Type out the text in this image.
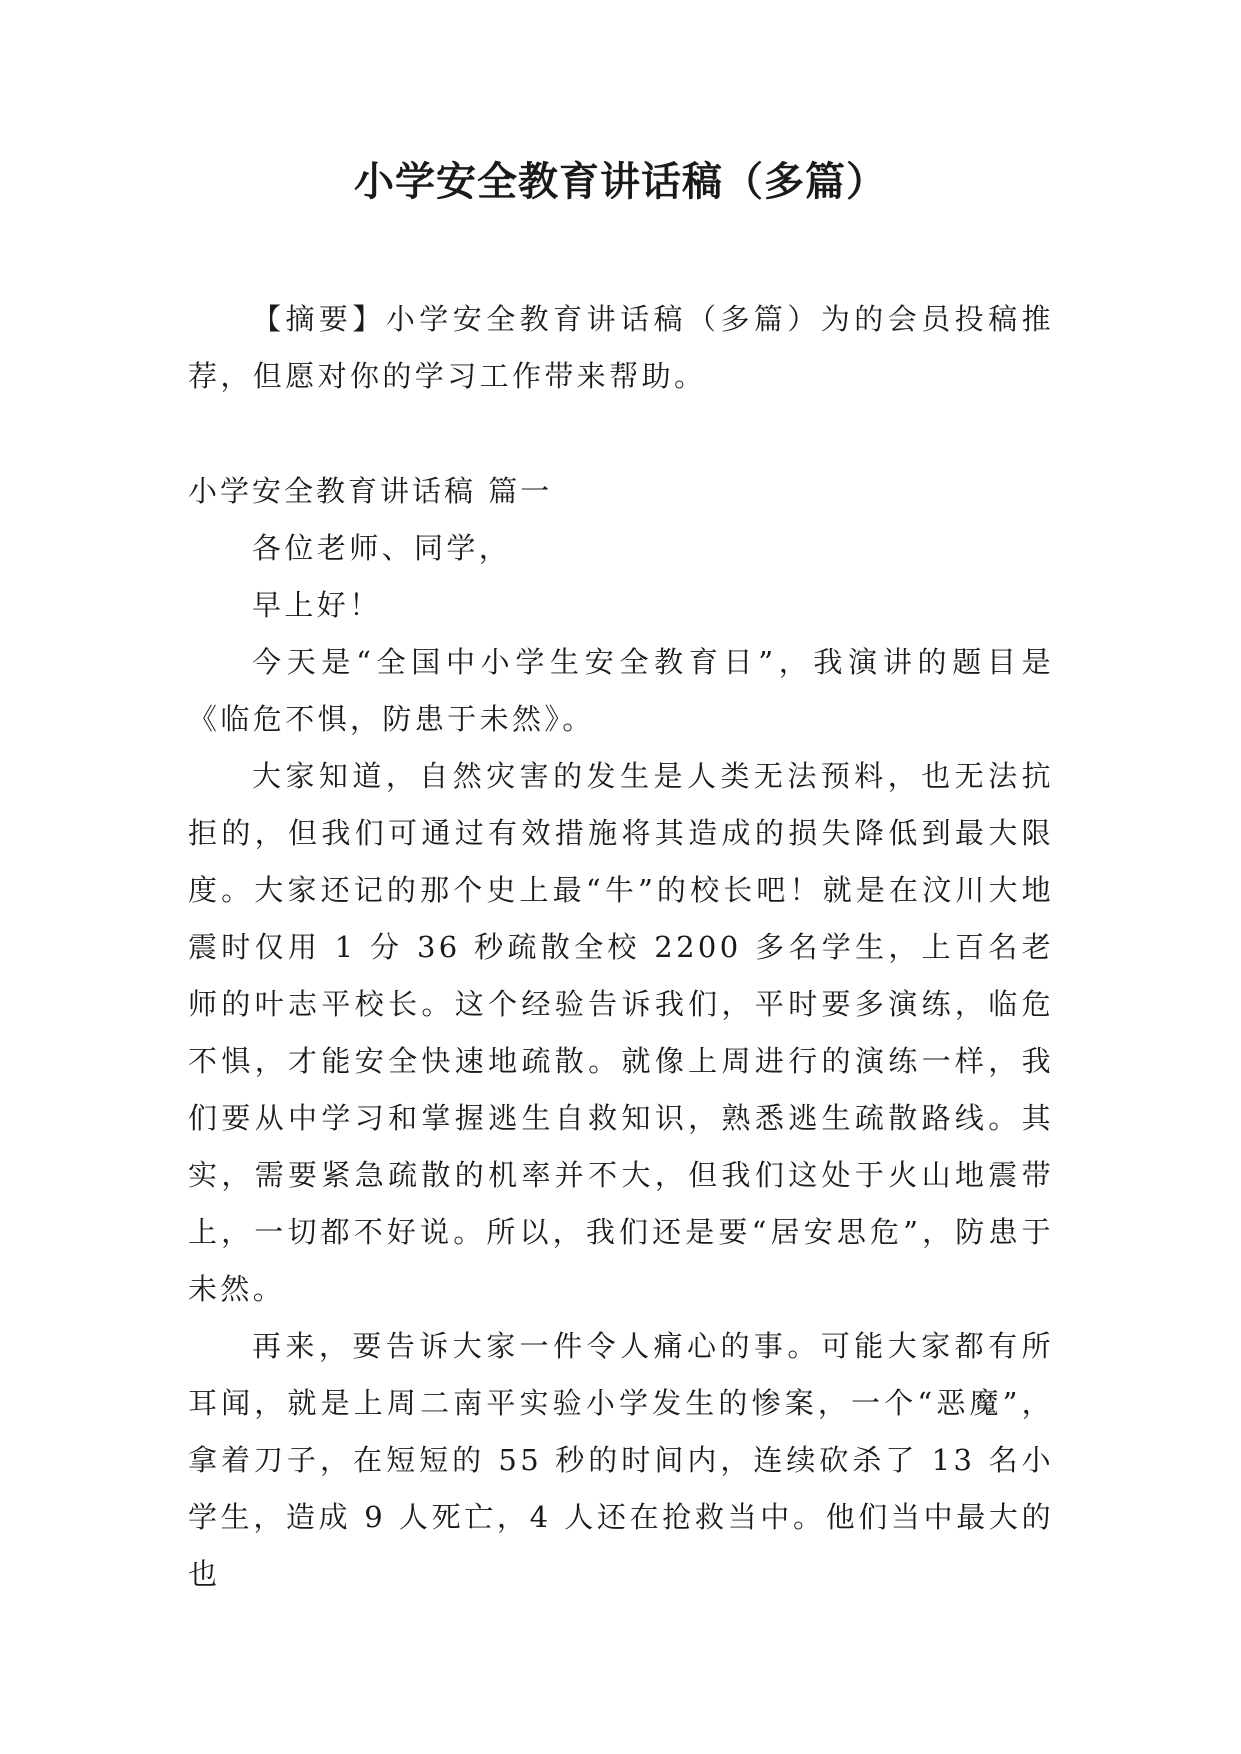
小学安全教育讲话稿（多篇）

【摘要】小学安全教育讲话稿（多篇）为的会员投稿推荐，但愿对你的学习工作带来帮助。

小学安全教育讲话稿 篇一

各位老师、同学，

早上好！

今天是“全国中小学生安全教育日”，我演讲的题目是《临危不惧，防患于未然》。

大家知道，自然灾害的发生是人类无法预料，也无法抗拒的，但我们可通过有效措施将其造成的损失降低到最大限度。大家还记的那个史上最“牛”的校长吧！就是在汶川大地震时仅用 1 分 36 秒疏散全校 2200 多名学生，上百名老师的叶志平校长。这个经验告诉我们，平时要多演练，临危不惧，才能安全快速地疏散。就像上周进行的演练一样，我们要从中学习和掌握逃生自救知识，熟悉逃生疏散路线。其实，需要紧急疏散的机率并不大，但我们这处于火山地震带上，一切都不好说。所以，我们还是要“居安思危”，防患于未然。

再来，要告诉大家一件令人痛心的事。可能大家都有所耳闻，就是上周二南平实验小学发生的惨案，一个“恶魔”，拿着刀子，在短短的 55 秒的时间内，连续砍杀了 13 名小学生，造成 9 人死亡，4 人还在抢救当中。他们当中最大的也
